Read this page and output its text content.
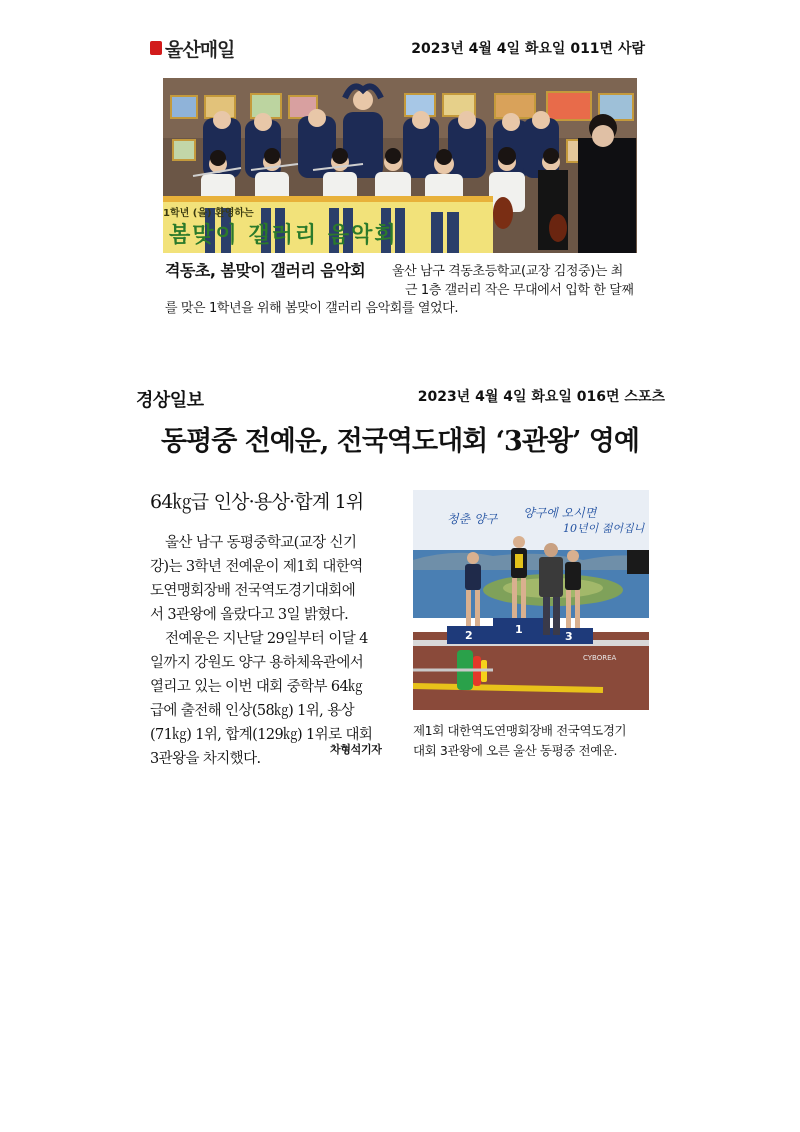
울산매일	2023년 4월 4일 화요일 011면 사람
1학년 (을) 환영하는
봄맞이 갤러리 음악회
격동초, 봄맞이 갤러리 음악회 울산 남구 격동초등학교(교장 김정중)는 최
근 1층 갤러리 작은 무대에서 입학 한 달째
를 맞은 1학년을 위해 봄맞이 갤러리 음악회를 열었다.
경상일보	2023년 4월 4일 화요일 016면 스포츠
동평중 전예운, 전국역도대회 ‘3관왕’ 영예
64㎏급 인상·용상·합계 1위
울산 남구 동평중학교(교장 신기
강)는 3학년 전예운이 제1회 대한역
도연맹회장배 전국역도경기대회에
서 3관왕에 올랐다고 3일 밝혔다.
전예운은 지난달 29일부터 이달 4
일까지 강원도 양구 용하체육관에서
열리고 있는 이번 대회 중학부 64㎏
급에 출전해 인상(58㎏) 1위, 용상
(71㎏) 1위, 합계(129㎏) 1위로 대회
3관왕을 차지했다.
차형석기자
청춘 양구 양구에 오시면
10년이 젊어집니
2	1
3
CYBOREA
제1회 대한역도연맹회장배 전국역도경기
대회 3관왕에 오른 울산 동평중 전예운.
